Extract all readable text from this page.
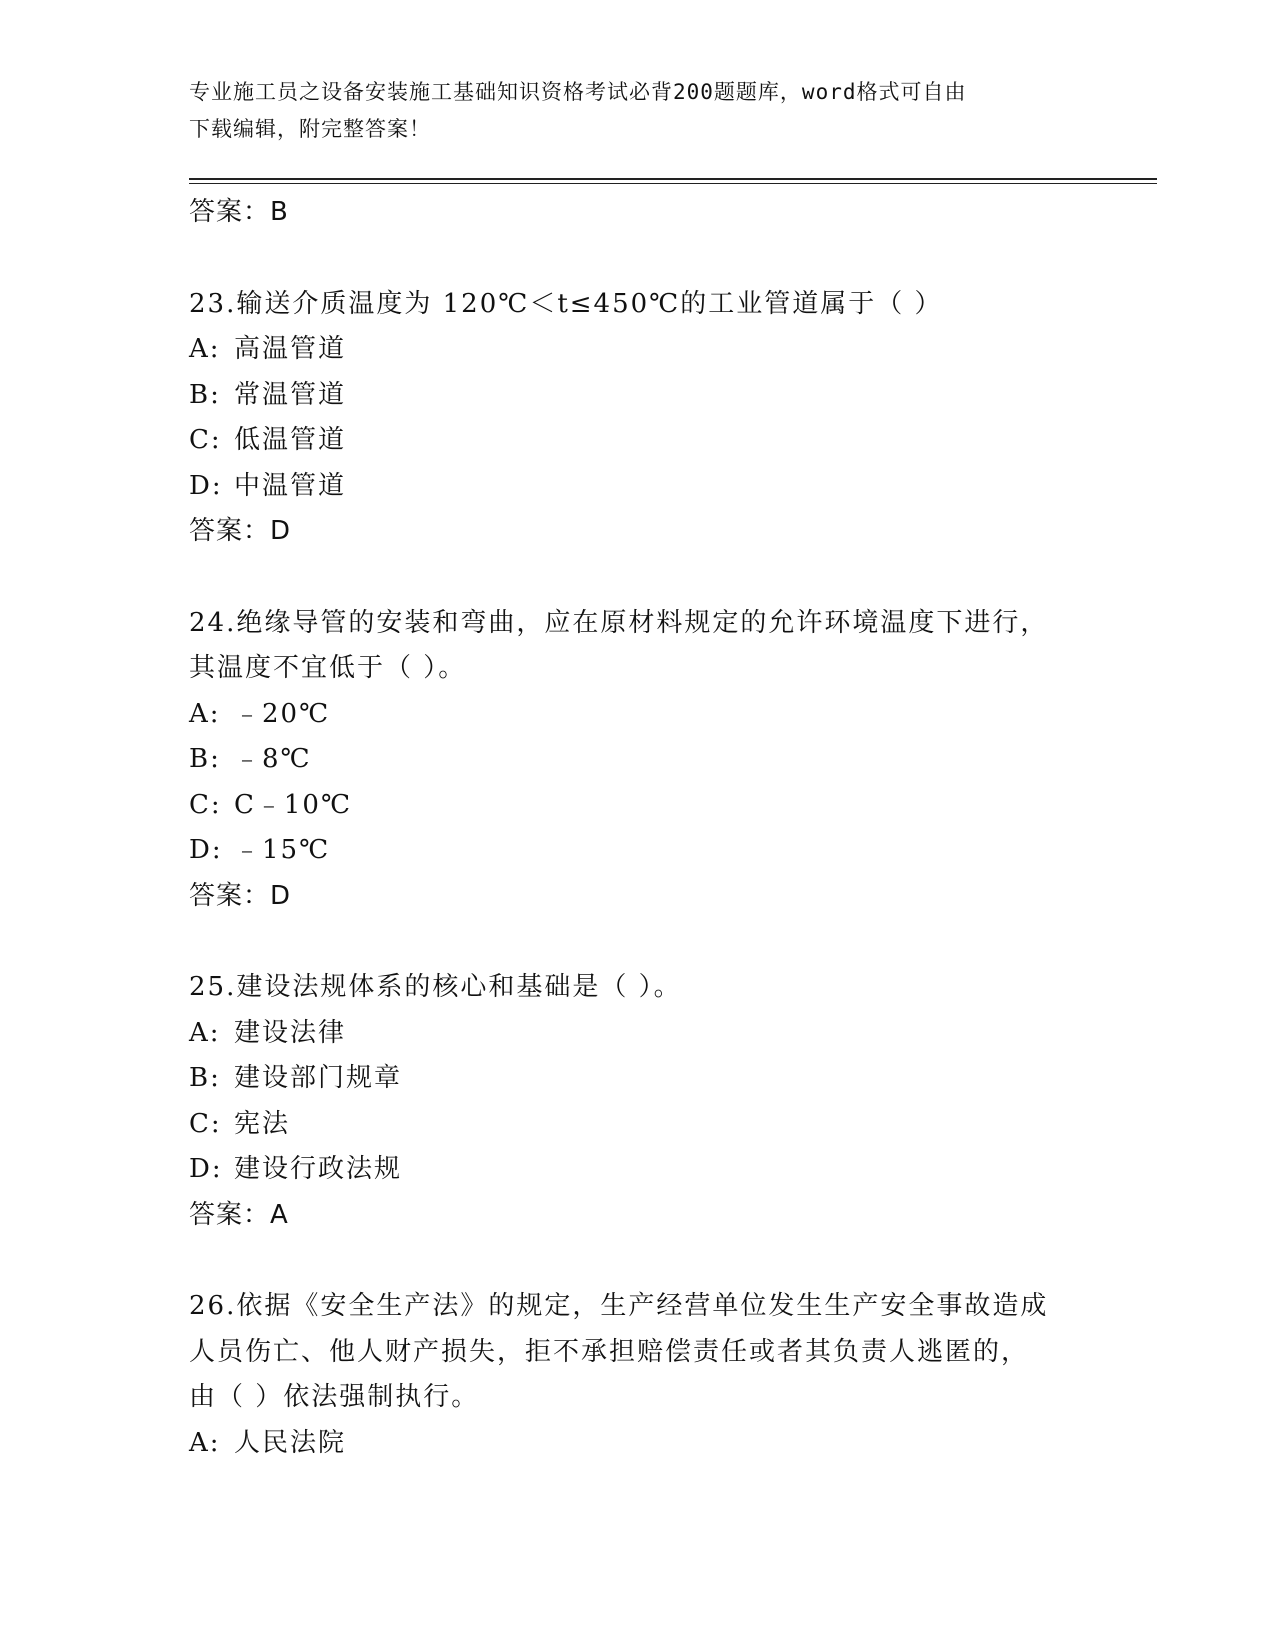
专业施工员之设备安装施工基础知识资格考试必背200题题库，word格式可自由
下载编辑，附完整答案！
答案：B
23.输送介质温度为 120℃＜t≤450℃的工业管道属于（ ）
A: 高温管道
B: 常温管道
C: 低温管道
D: 中温管道
答案：D
24.绝缘导管的安装和弯曲，应在原材料规定的允许环境温度下进行，
其温度不宜低于（ ）。
A: ﹣20℃
B: ﹣8℃
C: C﹣10℃
D: ﹣15℃
答案：D
25.建设法规体系的核心和基础是（ ）。
A: 建设法律
B: 建设部门规章
C: 宪法
D: 建设行政法规
答案：A
26.依据《安全生产法》的规定，生产经营单位发生生产安全事故造成
人员伤亡、他人财产损失，拒不承担赔偿责任或者其负责人逃匿的，
由（ ）依法强制执行。
A: 人民法院
